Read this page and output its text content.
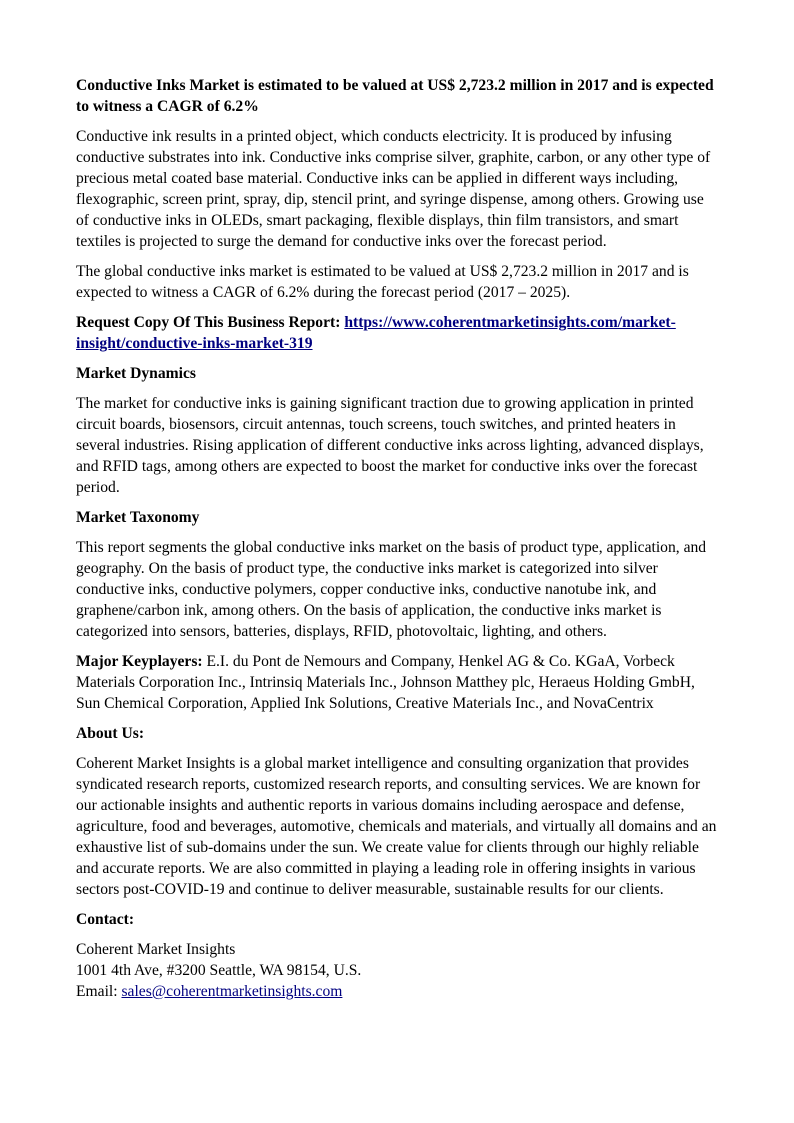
Conductive Inks Market is estimated to be valued at US$ 2,723.2 million in 2017 and is expected to witness a CAGR of 6.2%

Conductive ink results in a printed object, which conducts electricity. It is produced by infusing conductive substrates into ink. Conductive inks comprise silver, graphite, carbon, or any other type of precious metal coated base material. Conductive inks can be applied in different ways including, flexographic, screen print, spray, dip, stencil print, and syringe dispense, among others. Growing use of conductive inks in OLEDs, smart packaging, flexible displays, thin film transistors, and smart textiles is projected to surge the demand for conductive inks over the forecast period.

The global conductive inks market is estimated to be valued at US$ 2,723.2 million in 2017 and is expected to witness a CAGR of 6.2% during the forecast period (2017 – 2025).

Request Copy Of This Business Report: https://www.coherentmarketinsights.com/market-insight/conductive-inks-market-319

Market Dynamics

The market for conductive inks is gaining significant traction due to growing application in printed circuit boards, biosensors, circuit antennas, touch screens, touch switches, and printed heaters in several industries. Rising application of different conductive inks across lighting, advanced displays, and RFID tags, among others are expected to boost the market for conductive inks over the forecast period.

Market Taxonomy

This report segments the global conductive inks market on the basis of product type, application, and geography. On the basis of product type, the conductive inks market is categorized into silver conductive inks, conductive polymers, copper conductive inks, conductive nanotube ink, and graphene/carbon ink, among others. On the basis of application, the conductive inks market is categorized into sensors, batteries, displays, RFID, photovoltaic, lighting, and others.

Major Keyplayers: E.I. du Pont de Nemours and Company, Henkel AG & Co. KGaA, Vorbeck Materials Corporation Inc., Intrinsiq Materials Inc., Johnson Matthey plc, Heraeus Holding GmbH, Sun Chemical Corporation, Applied Ink Solutions, Creative Materials Inc., and NovaCentrix

About Us:

Coherent Market Insights is a global market intelligence and consulting organization that provides syndicated research reports, customized research reports, and consulting services. We are known for our actionable insights and authentic reports in various domains including aerospace and defense, agriculture, food and beverages, automotive, chemicals and materials, and virtually all domains and an exhaustive list of sub-domains under the sun. We create value for clients through our highly reliable and accurate reports. We are also committed in playing a leading role in offering insights in various sectors post-COVID-19 and continue to deliver measurable, sustainable results for our clients.

Contact:

Coherent Market Insights
1001 4th Ave, #3200 Seattle, WA 98154, U.S.
Email: sales@coherentmarketinsights.com
